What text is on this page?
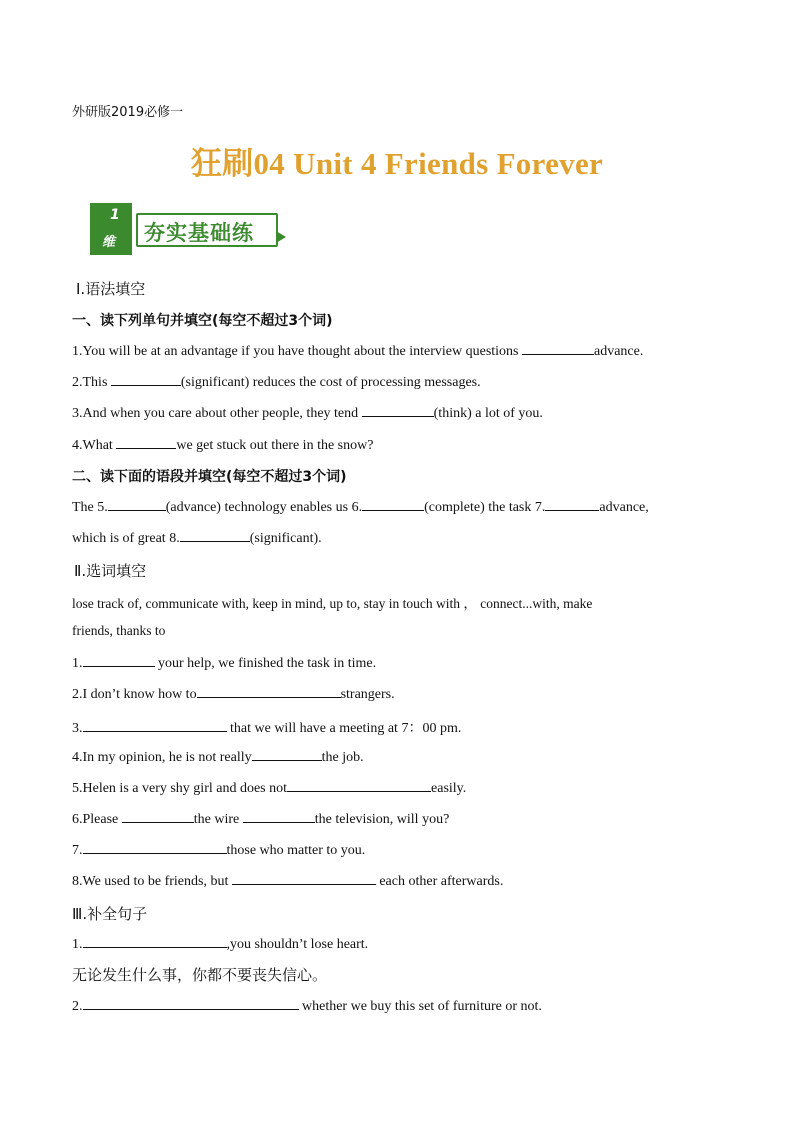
外研版2019必修一
狂刷04 Unit 4 Friends Forever
1
维 夯实基础练
Ⅰ.语法填空
一、读下列单句并填空(每空不超过3个词)
1.You will be at an advantage if you have thought about the interview questions	advance.
2.This	(significant) reduces the cost of processing messages.
3.And when you care about other people, they tend	(think) a lot of you.
4.What	we get stuck out there in the snow?
二、读下面的语段并填空(每空不超过3个词)
The 5.	(advance) technology enables us 6.	(complete) the task 7.	advance,
which is of great 8.	(significant).
Ⅱ.选词填空
lose track of, communicate with, keep in mind, up to, stay in touch with ， connect...with, make
friends, thanks to
1.	your help, we finished the task in time.
2.I don’t know how to	strangers.
3.	that we will have a meeting at 7：00 pm.
4.In my opinion, he is not really	the job.
5.Helen is a very shy girl and does not	easily.
6.Please	the wire	the television, will you?
7.	those who matter to you.
8.We used to be friends, but	each other afterwards.
Ⅲ.补全句子
1.	,you shouldn’t lose heart.
无论发生什么事，你都不要丧失信心。
2.	whether we buy this set of furniture or not.
